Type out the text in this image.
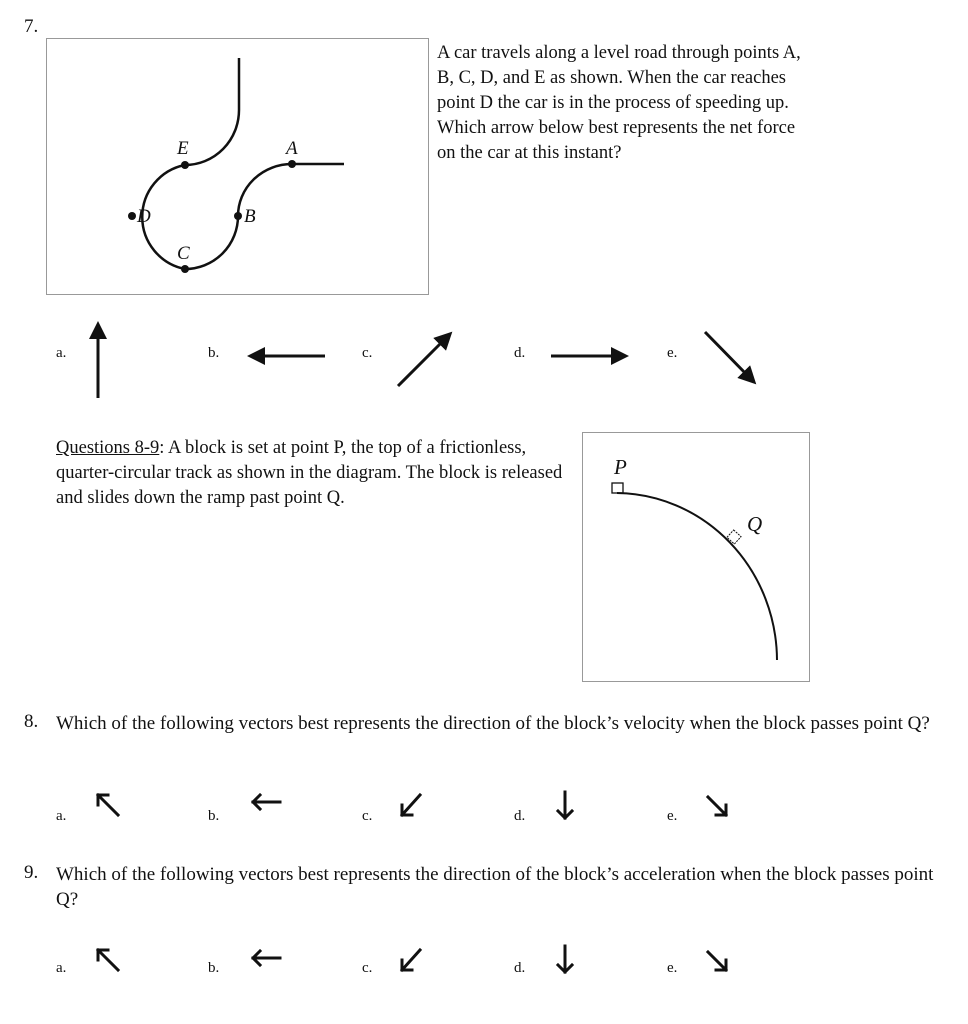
7.
A
B
C
D
E
A car travels along a level road through points A, B, C, D, and E as shown. When the car reaches point D the car is in the process of speeding up. Which arrow below best represents the net force on the car at this instant?
a.	b.	c.	d.	e.
Questions 8-9: A block is set at point P, the top of a frictionless, quarter-circular track as shown in the diagram. The block is released and slides down the ramp past point Q.
P
Q
8. Which of the following vectors best represents the direction of the block’s velocity when the block passes point Q?
a.	b.	c.	d.	e.
9. Which of the following vectors best represents the direction of the block’s acceleration when the block passes point Q?
a.	b.	c.	d.	e.
